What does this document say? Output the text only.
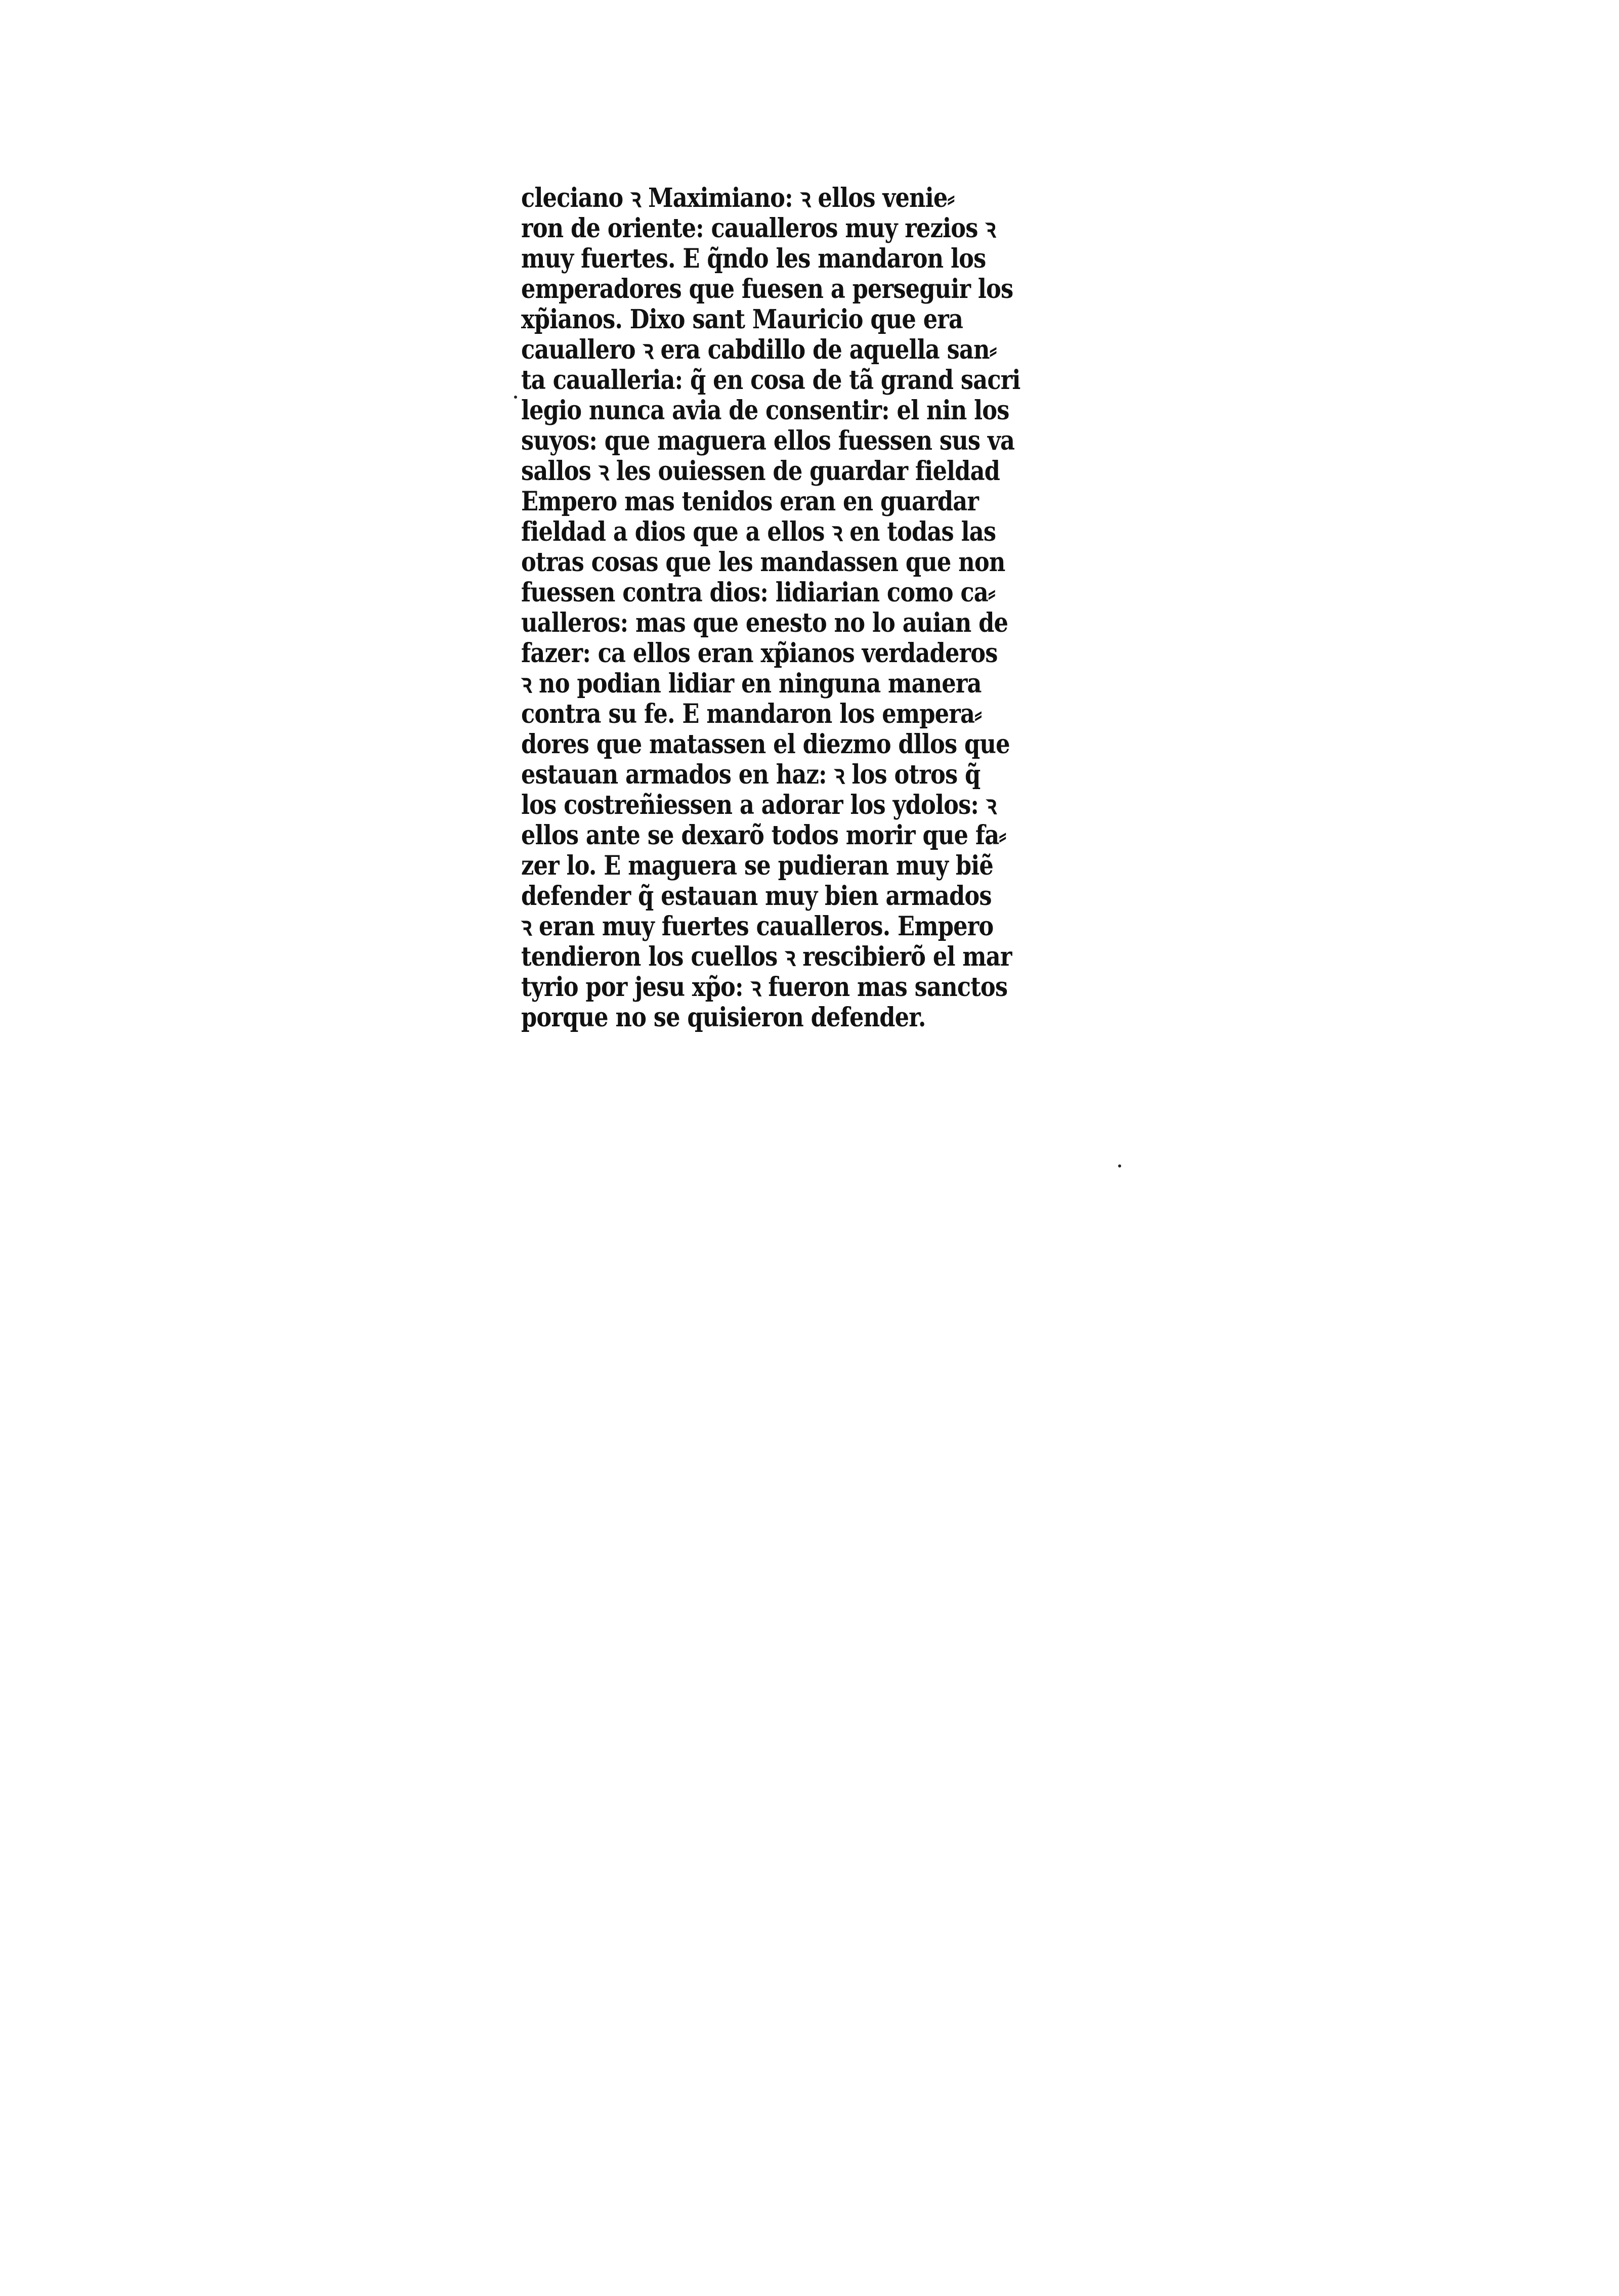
cleciano ꝛ Maximiano: ꝛ ellos venie⸗
ron de oriente: caualleros muy rezios ꝛ
muy fuertes. E q̃ndo les mandaron los
emperadores que fuesen a perseguir los
xp̃ianos. Dixo sant Mauricio que era
cauallero ꝛ era cabdillo de aquella san⸗
ta caualleria: q̃ en cosa de tã grand sacri
legio nunca avia de consentir: el nin los
suyos: que maguera ellos fuessen sus va
sallos ꝛ les ouiessen de guardar fieldad
Empero mas tenidos eran en guardar
fieldad a dios que a ellos ꝛ en todas las
otras cosas que les mandassen que non
fuessen contra dios: lidiarian como ca⸗
ualleros: mas que enesto no lo auian de
fazer: ca ellos eran xp̃ianos verdaderos
ꝛ no podian lidiar en ninguna manera
contra su fe. E mandaron los empera⸗
dores que matassen el diezmo dllos que
estauan armados en haz: ꝛ los otros q̃
los costreñiessen a adorar los ydolos: ꝛ
ellos ante se dexarõ todos morir que fa⸗
zer lo. E maguera se pudieran muy biẽ
defender q̃ estauan muy bien armados
ꝛ eran muy fuertes caualleros. Empero
tendieron los cuellos ꝛ rescibierõ el mar
tyrio por jesu xp̃o: ꝛ fueron mas sanctos
porque no se quisieron defender.
